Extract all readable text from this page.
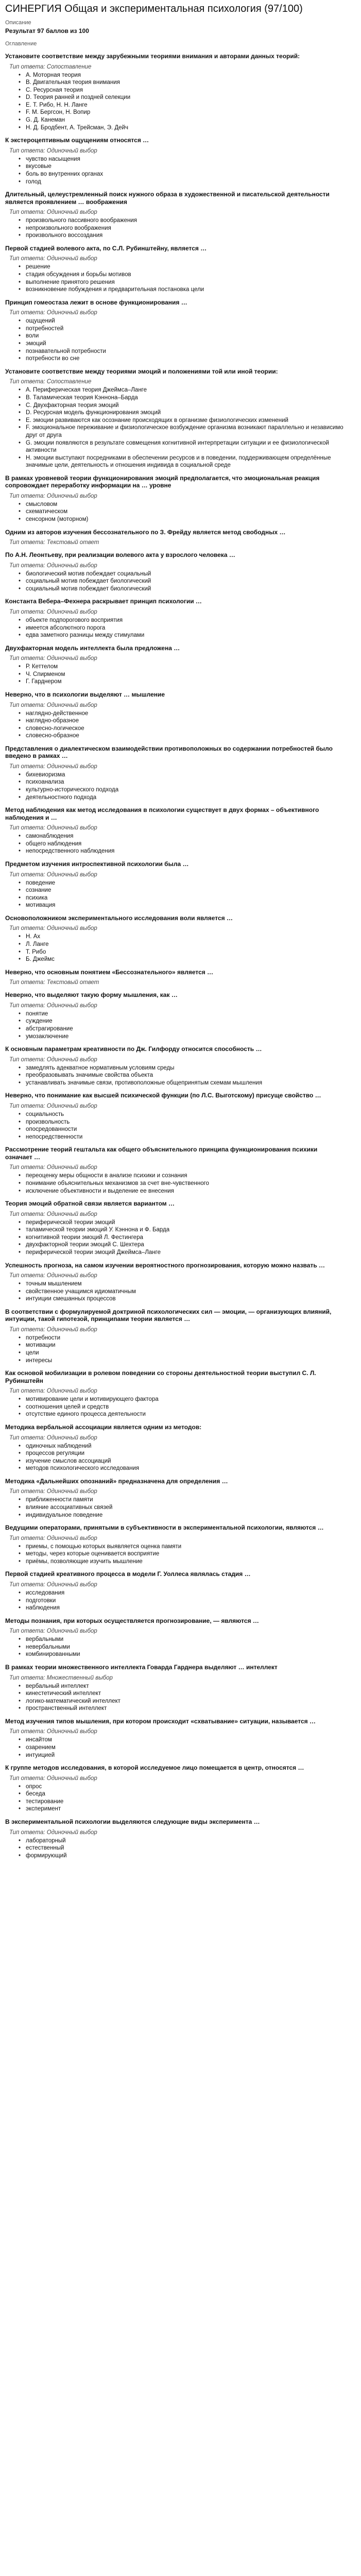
СИНЕРГИЯ Общая и экспериментальная психология (97/100)
Описание
Результат 97 баллов из 100
Оглавление

Установите соответствие между зарубежными теориями внимания и авторами данных теорий:

Тип ответа: Сопоставление

• A. Моторная теория
• B. Двигательная теория внимания
• C. Ресурсная теория
• D. Теория ранней и поздней селекции
• E. Т. Рибо, Н. Н. Ланге
• F. М. Бергсон, Н. Вопир
• G. Д. Канеман
• H. Д. Бродбент, А. Трейсман, Э. Дейч

К экстероцептивным ощущениям относятся …

Тип ответа: Одиночный выбор

• чувство насыщения
• вкусовые
• боль во внутренних органах
• голод

Длительный, целеустремленный поиск нужного образа в художественной и писательской деятельности является проявлением … воображения

Тип ответа: Одиночный выбор

• произвольного пассивного воображения
• непроизвольного воображения
• произвольного воссоздания

Первой стадией волевого акта, по С.Л. Рубинштейну, является …

Тип ответа: Одиночный выбор

• решение
• стадия обсуждения и борьбы мотивов
• выполнение принятого решения
• возникновение побуждения и предварительная постановка цели

Принцип гомеостаза лежит в основе функционирования …

Тип ответа: Одиночный выбор

• ощущений
• потребностей
• воли
• эмоций
• познавательной потребности
• потребности во сне

Установите соответствие между теориями эмоций и положениями той или иной теории:

Тип ответа: Сопоставление

• A. Периферическая теория Джеймса–Ланге
• B. Таламическая теория Кэннона–Барда
• C. Двухфакторная теория эмоций
• D. Ресурсная модель функционирования эмоций
• E. эмоции развиваются как осознание происходящих в организме физиологических изменений
• F. эмоциональное переживание и физиологическое возбуждение организма возникают параллельно и независимо друг от друга
• G. эмоции появляются в результате совмещения когнитивной интерпретации ситуации и ее физиологической активности
• H. эмоции выступают посредниками в обеспечении ресурсов и в поведении, поддерживающем определённые значимые цели, деятельность и отношения индивида в социальной среде

В рамках уровневой теории функционирования эмоций предполагается, что эмоциональная реакция сопровождает переработку информации на … уровне

Тип ответа: Одиночный выбор

• смысловом
• схематическом
• сенсорном (моторном)

Одним из авторов изучения бессознательного по З. Фрейду является метод свободных …

Тип ответа: Текстовый ответ

По А.Н. Леонтьеву, при реализации волевого акта у взрослого человека …

Тип ответа: Одиночный выбор

• биологический мотив побеждает социальный
• социальный мотив побеждает биологический
• социальный мотив побеждает биологический

Константа Вебера–Фехнера раскрывает принцип психологии …

Тип ответа: Одиночный выбор

• объекте подпорогового восприятия
• имеется абсолютного порога
• едва заметного разницы между стимулами

Двухфакторная модель интеллекта была предложена …

Тип ответа: Одиночный выбор

• Р. Кеттелом
• Ч. Спирменом
• Г. Гарднером

Неверно, что в психологии выделяют … мышление

Тип ответа: Одиночный выбор

• наглядно-действенное
• наглядно-образное
• словесно-логическое
• словесно-образное

Представления о диалектическом взаимодействии противоположных во содержании потребностей было введено в рамках …

Тип ответа: Одиночный выбор

• бихевиоризма
• психоанализа
• культурно-исторического подхода
• деятельностного подхода

Метод наблюдения как метод исследования в психологии существует в двух формах – объективного наблюдения и …

Тип ответа: Одиночный выбор

• самонаблюдения
• общего наблюдения
• непосредственного наблюдения

Предметом изучения интроспективной психологии была …

Тип ответа: Одиночный выбор

• поведение
• сознание
• психика
• мотивация

Основоположником экспериментального исследования воли является …

Тип ответа: Одиночный выбор

• Н. Ах
• Л. Ланге
• Т. Рибо
• Б. Джеймс

Неверно, что основным понятием «Бессознательного» является …

Тип ответа: Текстовый ответ

Неверно, что выделяют такую форму мышления, как …

Тип ответа: Одиночный выбор

• понятие
• суждение
• абстрагирование
• умозаключение

К основным параметрам креативности по Дж. Гилфорду относится способность …

Тип ответа: Одиночный выбор

• замедлять адекватное нормативным условиям среды
• преобразовывать значимые свойства объекта
• устанавливать значимые связи, противоположные общепринятым схемам мышления

Неверно, что понимание как высшей психической функции (по Л.С. Выготскому) присуще свойство …

Тип ответа: Одиночный выбор

• социальность
• произвольность
• опосредованности
• непосредственности

Рассмотрение теорий гештальта как общего объяснительного принципа функционирования психики означает …

Тип ответа: Одиночный выбор

• переоценку меры общности в анализе психики и сознания
• понимание объяснительных механизмов за счет вне-чувственного
• исключение объективности и выделение ее внесения

Теория эмоций обратной связи является вариантом …

Тип ответа: Одиночный выбор

• периферической теории эмоций
• таламической теории эмоций У. Кэннона и Ф. Барда
• когнитивной теории эмоций Л. Фестингера
• двухфакторной теории эмоций С. Шехтера
• периферической теории эмоций Джеймса–Ланге

Успешность прогноза, на самом изучении вероятностного прогнозирования, которую можно назвать …

Тип ответа: Одиночный выбор

• точным мышлением
• свойственное учащимся идиоматичным
• интуиции смешанных процессов

В соответствии с формулируемой доктриной психологических сил — эмоции, — организующих влияний, интуиции, такой гипотезой, принципами теории является …

Тип ответа: Одиночный выбор

• потребности
• мотивации
• цели
• интересы

Как основой мобилизации в ролевом поведении со стороны деятельностной теории выступил С. Л. Рубинштейн

Тип ответа: Одиночный выбор

• мотивирование цели и мотивирующего фактора
• соотношения целей и средств
• отсутствие единого процесса деятельности

Методика вербальной ассоциации является одним из методов:

Тип ответа: Одиночный выбор

• одиночных наблюдений
• процессов регуляции
• изучение смыслов ассоциаций
• методов психологического исследования

Методика «Дальнейших опознаний» предназначена для определения …

Тип ответа: Одиночный выбор

• приближенности памяти
• влияние ассоциативных связей
• индивидуальное поведение

Ведущими операторами, принятыми в субъективности в экспериментальной психологии, являются …

Тип ответа: Одиночный выбор

• приемы, с помощью которых выявляется оценка памяти
• методы, через которые оценивается восприятие
• приёмы, позволяющие изучить мышление

Первой стадией креативного процесса в модели Г. Уоллеса являлась стадия …

Тип ответа: Одиночный выбор

• исследования
• подготовки
• наблюдения

Методы познания, при которых осуществляется прогнозирование, — являются …

Тип ответа: Одиночный выбор

• вербальными
• невербальными
• комбинированными

В рамках теории множественного интеллекта Говарда Гарднера выделяют … интеллект

Тип ответа: Множественный выбор

• вербальный интеллект
• кинестетический интеллект
• логико-математический интеллект
• пространственный интеллект

Метод изучения типов мышления, при котором происходит «схватывание» ситуации, называется …

Тип ответа: Одиночный выбор

• инсайтом
• озарением
• интуицией

К группе методов исследования, в которой исследуемое лицо помещается в центр, относятся …

Тип ответа: Одиночный выбор

• опрос
• беседа
• тестирование
• эксперимент

В экспериментальной психологии выделяются следующие виды эксперимента …

Тип ответа: Одиночный выбор

• лабораторный
• естественный
• формирующий
